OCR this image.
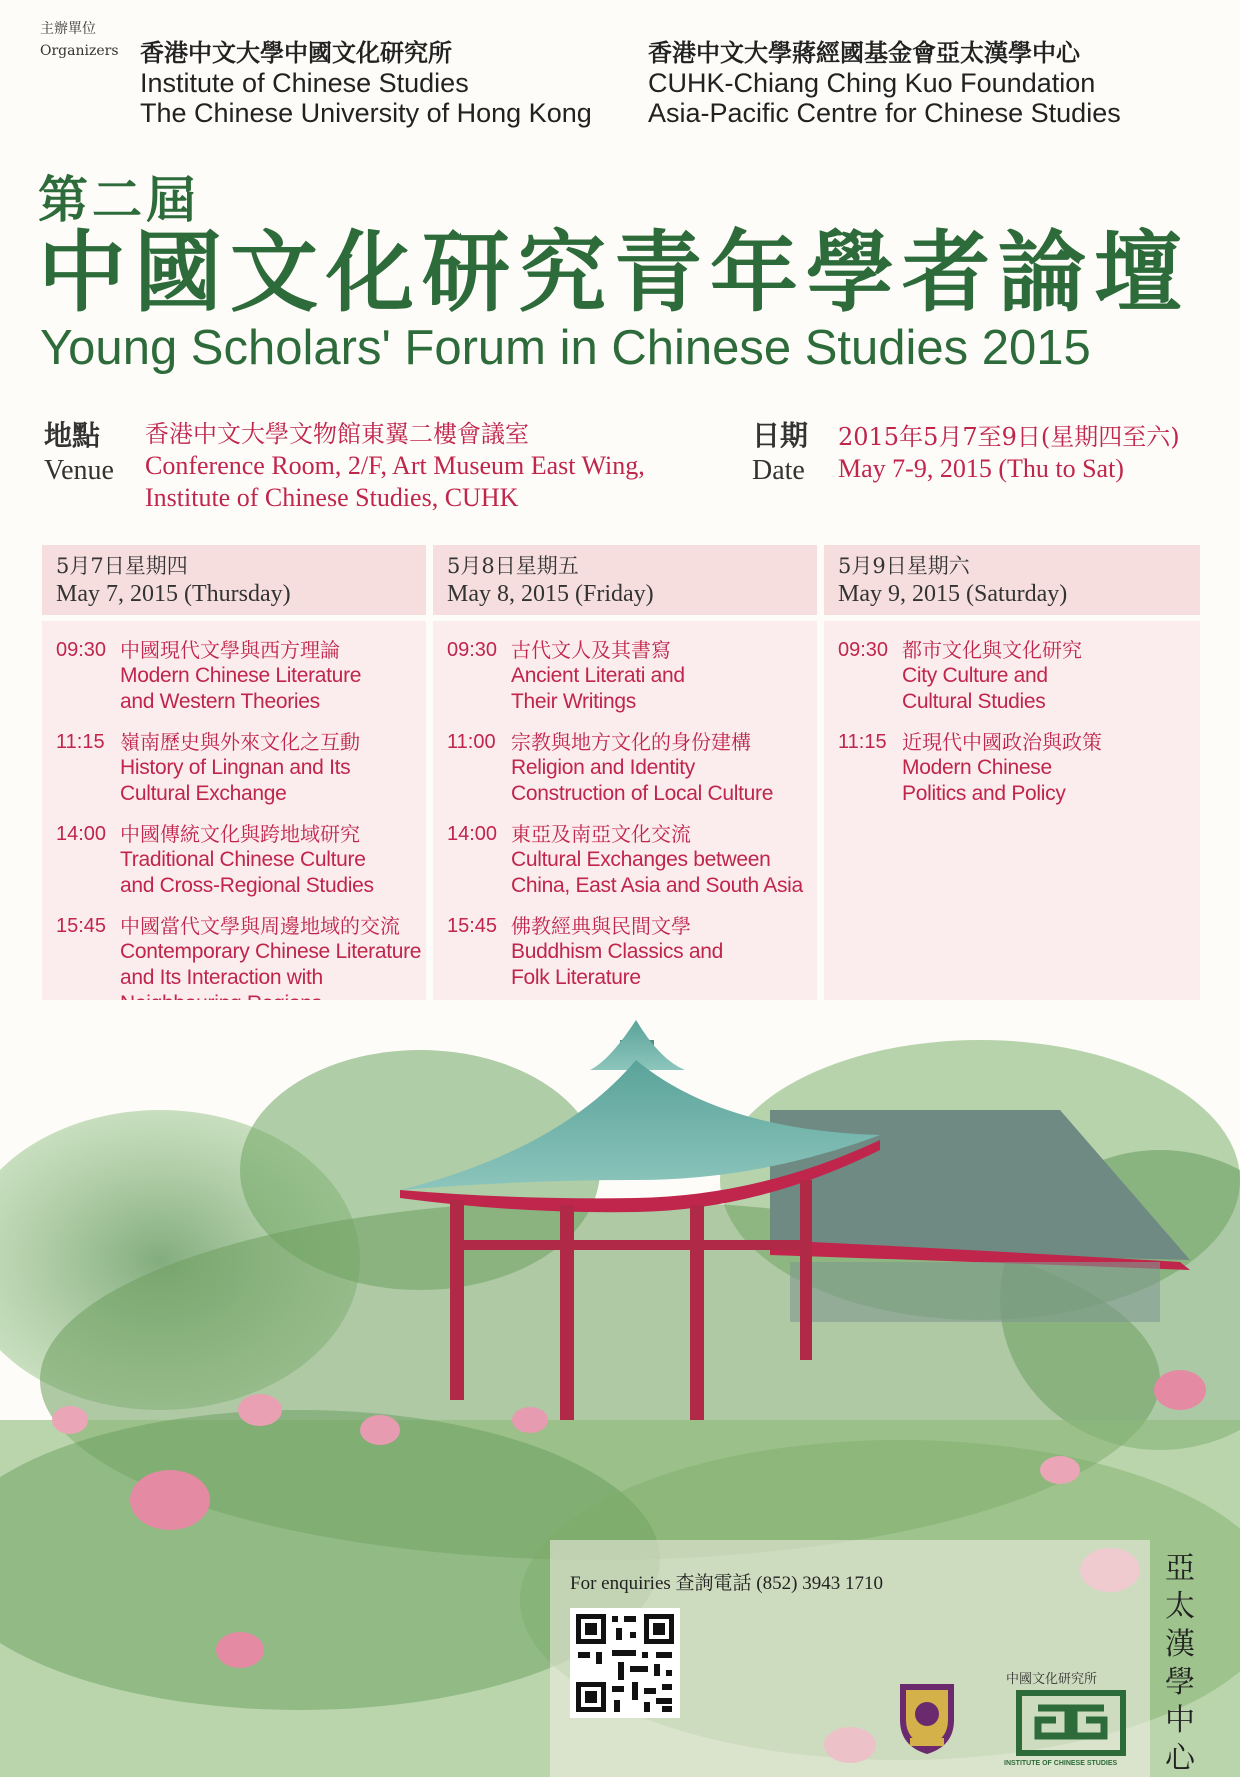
主辦單位
Organizers 香港中文大學中國文化研究所
Institute of Chinese Studies
The Chinese University of Hong Kong
香港中文大學蔣經國基金會亞太漢學中心
CUHK-Chiang Ching Kuo Foundation
Asia-Pacific Centre for Chinese Studies
第二屆
中國文化研究青年學者論壇
Young Scholars' Forum in Chinese Studies 2015
地點
Venue
香港中文大學文物館東翼二樓會議室
Conference Room, 2/F, Art Museum East Wing,
Institute of Chinese Studies, CUHK
日期
Date
2015年5月7至9日(星期四至六)
May 7-9, 2015 (Thu to Sat)
5月7日星期四
May 7, 2015 (Thursday)
09:30 中國現代文學與西方理論
Modern Chinese Literature
and Western Theories
11:15 嶺南歷史與外來文化之互動
History of Lingnan and Its
Cultural Exchange
14:00 中國傳統文化與跨地域研究
Traditional Chinese Culture
and Cross-Regional Studies
15:45 中國當代文學與周邊地域的交流
Contemporary Chinese Literature
and Its Interaction with
5月8日星期五
May 8, 2015 (Friday)
09:30 古代文人及其書寫
Ancient Literati and
Their Writings
11:00 宗教與地方文化的身份建構
Religion and Identity
Construction of Local Culture
14:00 東亞及南亞文化交流
Cultural Exchanges between
China, East Asia and South Asia
15:45 佛教經典與民間文學
Buddhism Classics and
Folk Literature
5月9日星期六
May 9, 2015 (Saturday)
09:30 都市文化與文化研究
City Culture and
Cultural Studies
11:15 近現代中國政治與政策
Modern Chinese
Politics and Policy
For enquiries 查詢電話 (852) 3943 1710
中國文化研究所
INSTITUTE OF CHINESE STUDIES
亞太漢學中心
